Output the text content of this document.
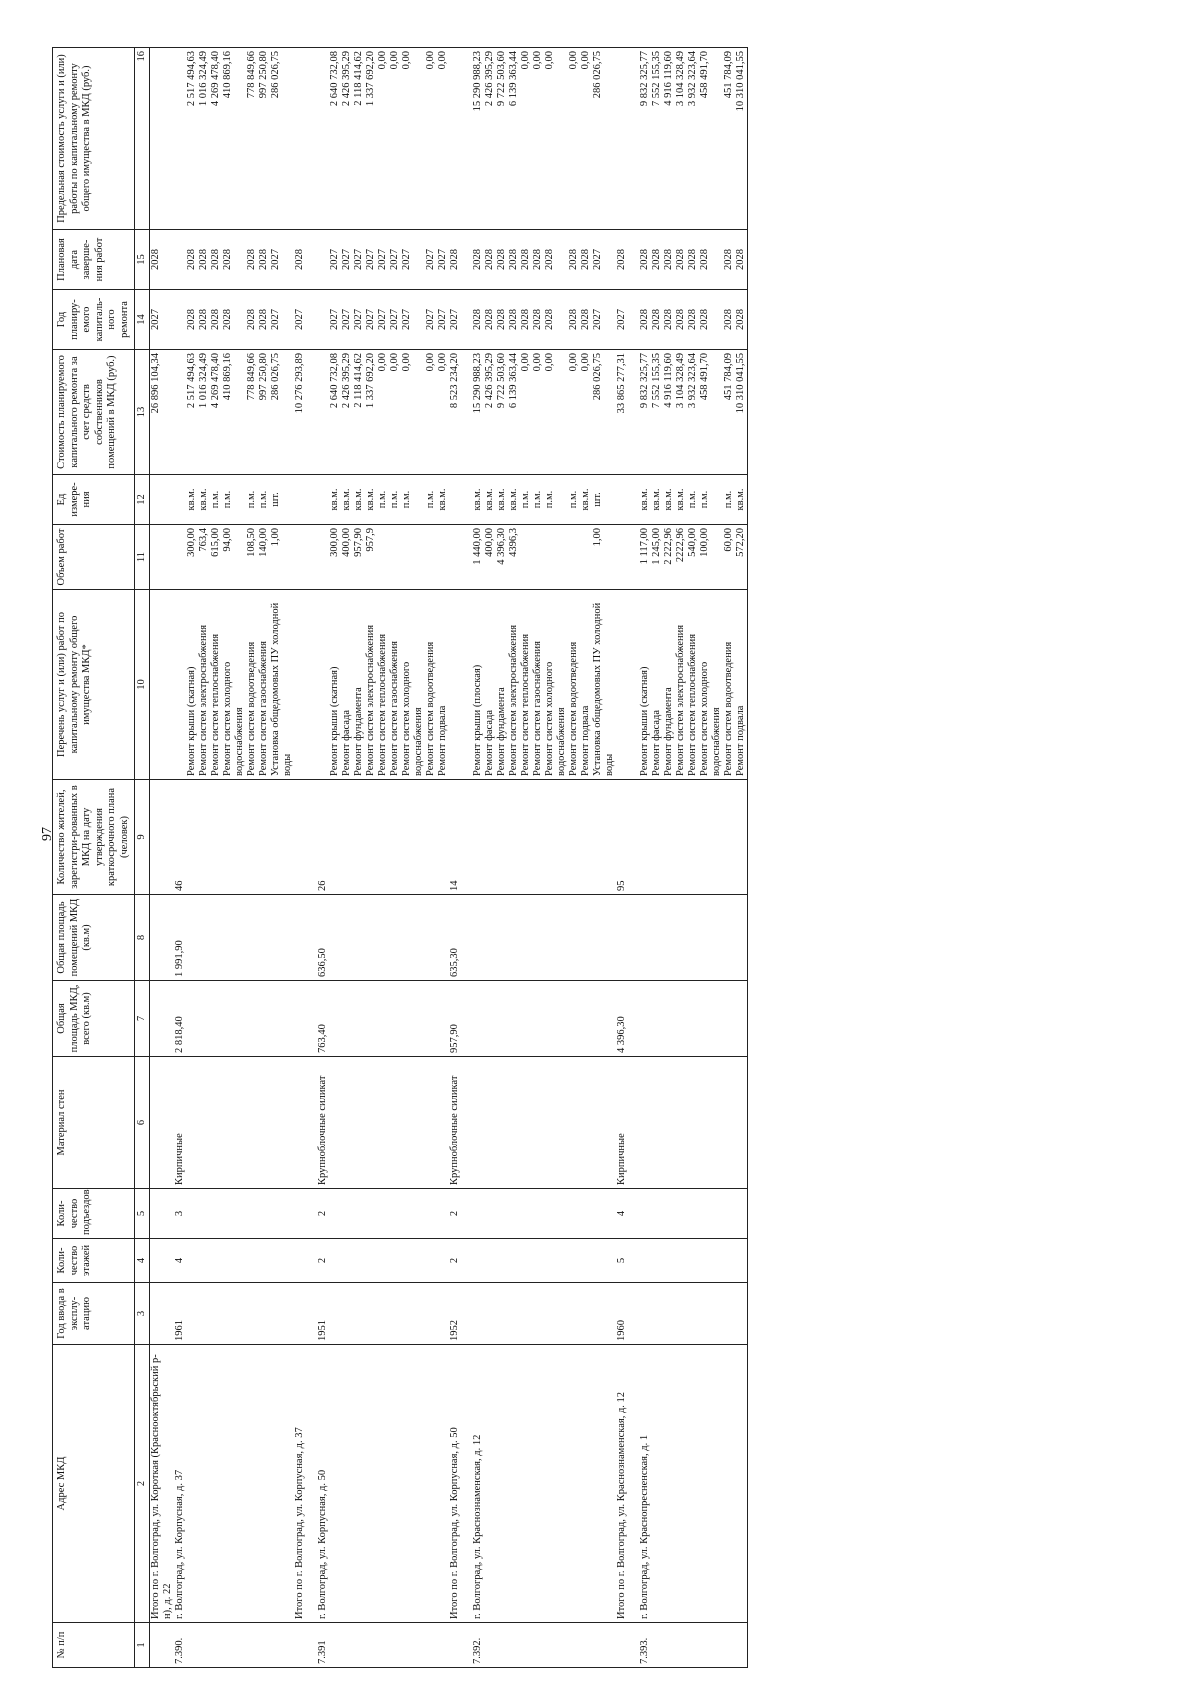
97
№ п/п	Адрес МКД	Год ввода в эксплу-атацию	Коли-чество этажей	Коли-чество подъездов	Материал стен	Общая площадь МКД, всего (кв.м)	Общая площадь помещений МКД (кв.м)	Количество жителей, зарегистри-рованных в МКД на дату утверждения краткосрочного плана (человек)	Перечень услуг и (или) работ по капитальному ремонту общего имущества МКД*	Объем работ	Ед измере-ния	Стоимость планируемого капитального ремонта за счет средств собственников помещений в МКД (руб.)	Год планиру-емого капиталь-ного ремонта	Плановая дата заверше-ния работ	Предельная стоимость услуги и (или) работы по капитальному ремонту общего имущества в МКД (руб.)
1	2	3	4	5	6	7	8	9	10	11	12	13	14	15	16
	Итого по г. Волгоград, ул. Короткая (Краснооктябрьский р-н), д. 22											26 896 104,34	2027	2028	
7.390.	г. Волгоград, ул. Корпусная, д. 37	1961	4	3	Кирпичные	2 818,40	1 991,90	46							
									Ремонт крыши (скатная)	300,00	кв.м.	2 517 494,63	2028	2028	2 517 494,63
									Ремонт систем электроснабжения	763,4	кв.м.	1 016 324,49	2028	2028	1 016 324,49
									Ремонт систем теплоснабжения	615,00	п.м.	4 269 478,40	2028	2028	4 269 478,40
									Ремонт систем холодного водоснабжения	94,00	п.м.	410 869,16	2028	2028	410 869,16
									Ремонт систем водоотведения	108,50	п.м.	778 849,66	2028	2028	778 849,66
									Ремонт систем газоснабжения	140,00	п.м.	997 250,80	2028	2028	997 250,80
									Установка общедомовых ПУ холодной воды	1,00	шт.	286 026,75	2027	2027	286 026,75
	Итого по г. Волгоград, ул. Корпусная, д. 37											10 276 293,89	2027	2028	

7.391	г. Волгоград, ул. Корпусная, д. 50	1951	2	2	Крупноблочные силикат	763,40	636,50	26							
									Ремонт крыши (скатная)	300,00	кв.м.	2 640 732,08	2027	2027	2 640 732,08
									Ремонт фасада	400,00	кв.м.	2 426 395,29	2027	2027	2 426 395,29
									Ремонт фундамента	957,90	кв.м.	2 118 414,62	2027	2027	2 118 414,62
									Ремонт систем электроснабжения	957,9	кв.м.	1 337 692,20	2027	2027	1 337 692,20
									Ремонт систем теплоснабжения		п.м.	0,00	2027	2027	0,00
									Ремонт систем газоснабжения		п.м.	0,00	2027	2027	0,00
									Ремонт систем холодного водоснабжения		п.м.	0,00	2027	2027	0,00
									Ремонт систем водоотведения		п.м.	0,00	2027	2027	0,00
									Ремонт подвала		кв.м.	0,00	2027	2027	0,00
	Итого по г. Волгоград, ул. Корпусная, д. 50	1952	2	2	Крупноблочные силикат	957,90	635,30	14				8 523 234,20	2027	2028	

7.392.	г. Волгоград, ул. Краснознаменская, д. 12								Ремонт крыши (плоская)	1 440,00	кв.м.	15 290 988,23	2028	2028	15 290 988,23
									Ремонт фасада	400,00	кв.м.	2 426 395,29	2028	2028	2 426 395,29
									Ремонт фундамента	4 396,30	кв.м.	9 722 503,60	2028	2028	9 722 503,60
									Ремонт систем электроснабжения	4396,3	кв.м.	6 139 363,44	2028	2028	6 139 363,44
									Ремонт систем теплоснабжения		п.м.	0,00	2028	2028	0,00
									Ремонт систем газоснабжения		п.м.	0,00	2028	2028	0,00
									Ремонт систем холодного водоснабжения		п.м.	0,00	2028	2028	0,00
									Ремонт систем водоотведения		п.м.	0,00	2028	2028	0,00
									Ремонт подвала		кв.м.	0,00	2028	2028	0,00
									Установка общедомовых ПУ холодной воды	1,00	шт.	286 026,75	2027	2027	286 026,75
	Итого по г. Волгоград, ул. Краснознаменская, д. 12	1960	5	4	Кирпичные	4 396,30		95				33 865 277,31	2027	2028	

7.393.	г. Волгоград, ул. Краснопресненская, д. 1								Ремонт крыши (скатная)	1 117,00	кв.м.	9 832 325,77	2028	2028	9 832 325,77
									Ремонт фасада	1 245,00	кв.м.	7 552 155,35	2028	2028	7 552 155,35
									Ремонт фундамента	2 222,96	кв.м.	4 916 119,60	2028	2028	4 916 119,60
									Ремонт систем электроснабжения	2222,96	кв.м.	3 104 328,49	2028	2028	3 104 328,49
									Ремонт систем теплоснабжения	540,00	п.м.	3 932 323,64	2028	2028	3 932 323,64
									Ремонт систем холодного водоснабжения	100,00	п.м.	458 491,70	2028	2028	458 491,70
									Ремонт систем водоотведения	60,00	п.м.	451 784,09	2028	2028	451 784,09
									Ремонт подвала	572,20	кв.м.	10 310 041,55	2028	2028	10 310 041,55
